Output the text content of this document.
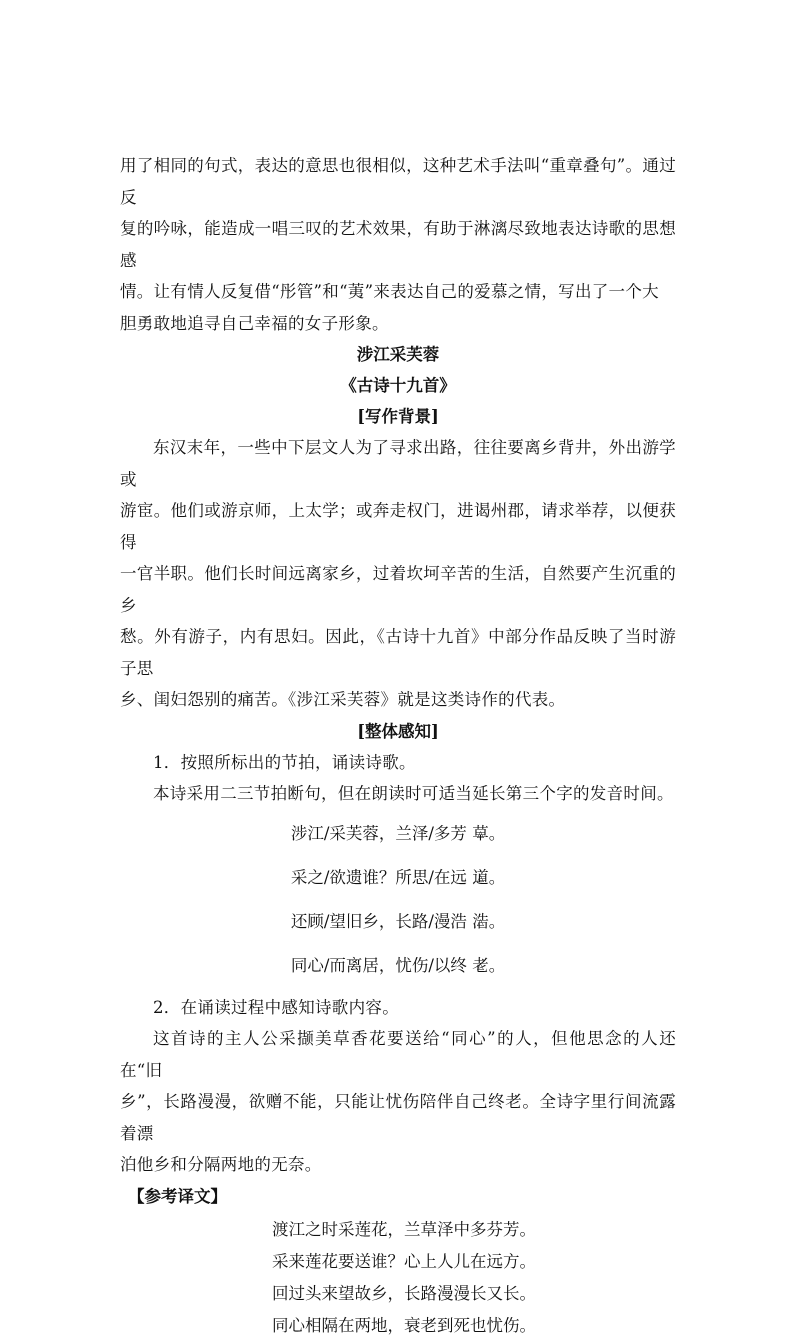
用了相同的句式，表达的意思也很相似，这种艺术手法叫“重章叠句”。通过反
复的吟咏，能造成一唱三叹的艺术效果，有助于淋漓尽致地表达诗歌的思想感
情。让有情人反复借“彤管”和“荑”来表达自己的爱慕之情，写出了一个大
胆勇敢地追寻自己幸福的女子形象。

涉江采芙蓉

《古诗十九首》

[写作背景]

东汉末年，一些中下层文人为了寻求出路，往往要离乡背井，外出游学或
游宦。他们或游京师，上太学；或奔走权门，进谒州郡，请求举荐，以便获得
一官半职。他们长时间远离家乡，过着坎坷辛苦的生活，自然要产生沉重的乡
愁。外有游子，内有思妇。因此，《古诗十九首》中部分作品反映了当时游子思
乡、闺妇怨别的痛苦。《涉江采芙蓉》就是这类诗作的代表。

[整体感知]

1．按照所标出的节拍，诵读诗歌。

本诗采用二三节拍断句，但在朗读时可适当延长第三个字的发音时间。

涉江/采芙蓉，兰泽/多芳 草 △。
采之/欲遗谁？所思/在远 道 △。
还顾/望旧乡，长路/漫浩 浩 △。
同心/而离居，忧伤/以终 老 △。

2．在诵读过程中感知诗歌内容。

这首诗的主人公采撷美草香花要送给“同心”的人，但他思念的人还在“旧
乡”，长路漫漫，欲赠不能，只能让忧伤陪伴自己终老。全诗字里行间流露着漂
泊他乡和分隔两地的无奈。

【参考译文】

渡江之时采莲花，兰草泽中多芬芳。

采来莲花要送谁？心上人儿在远方。

回过头来望故乡，长路漫漫长又长。

同心相隔在两地，衰老到死也忧伤。
